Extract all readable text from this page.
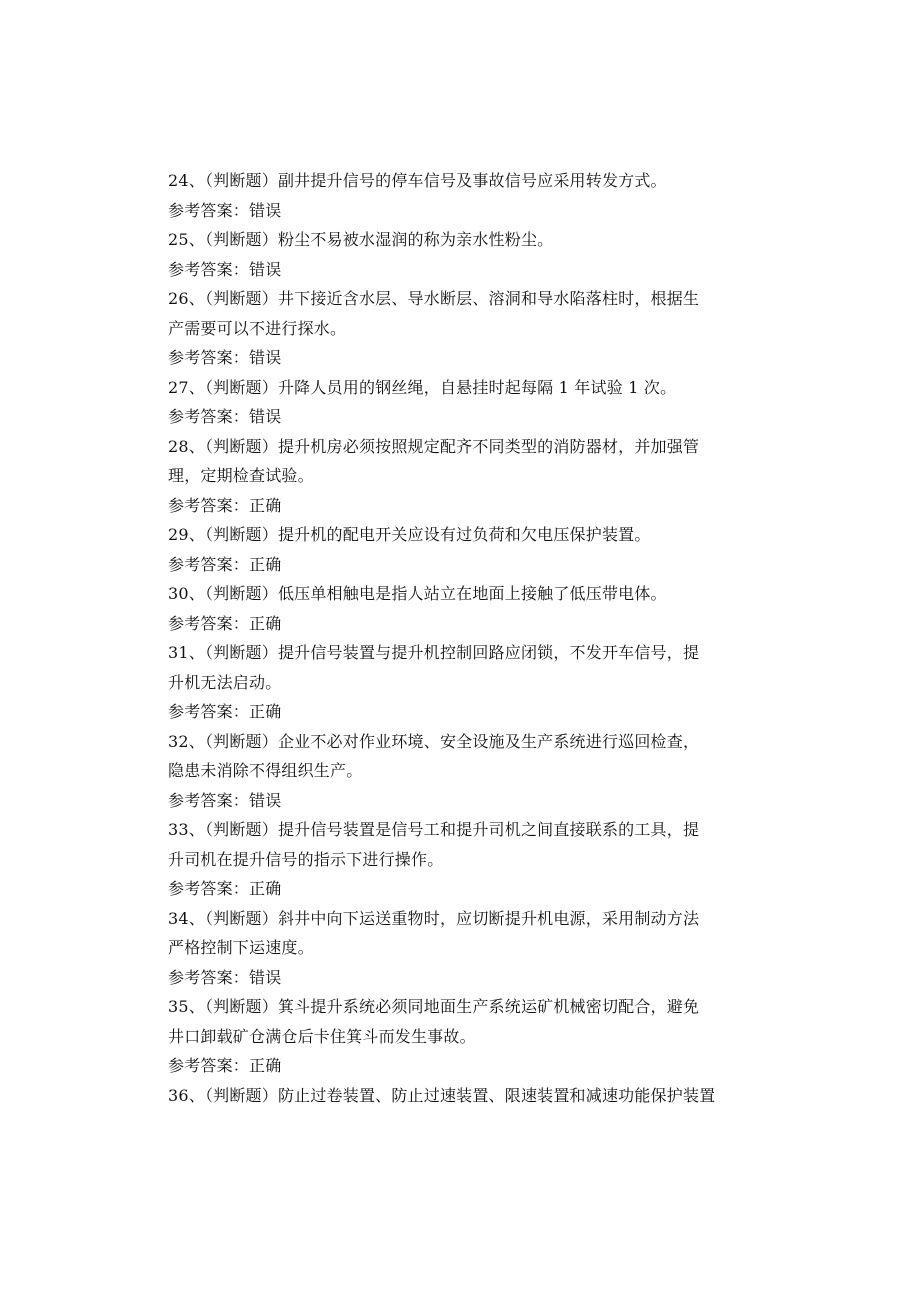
24、（判断题）副井提升信号的停车信号及事故信号应采用转发方式。
参考答案：错误
25、（判断题）粉尘不易被水湿润的称为亲水性粉尘。
参考答案：错误
26、（判断题）井下接近含水层、导水断层、溶洞和导水陷落柱时，根据生
产需要可以不进行探水。
参考答案：错误
27、（判断题）升降人员用的钢丝绳，自悬挂时起每隔 1 年试验 1 次。
参考答案：错误
28、（判断题）提升机房必须按照规定配齐不同类型的消防器材，并加强管
理，定期检查试验。
参考答案：正确
29、（判断题）提升机的配电开关应设有过负荷和欠电压保护装置。
参考答案：正确
30、（判断题）低压单相触电是指人站立在地面上接触了低压带电体。
参考答案：正确
31、（判断题）提升信号装置与提升机控制回路应闭锁，不发开车信号，提
升机无法启动。
参考答案：正确
32、（判断题）企业不必对作业环境、安全设施及生产系统进行巡回检查，
隐患未消除不得组织生产。
参考答案：错误
33、（判断题）提升信号装置是信号工和提升司机之间直接联系的工具，提
升司机在提升信号的指示下进行操作。
参考答案：正确
34、（判断题）斜井中向下运送重物时，应切断提升机电源，采用制动方法
严格控制下运速度。
参考答案：错误
35、（判断题）箕斗提升系统必须同地面生产系统运矿机械密切配合，避免
井口卸载矿仓满仓后卡住箕斗而发生事故。
参考答案：正确
36、（判断题）防止过卷装置、防止过速装置、限速装置和减速功能保护装置
